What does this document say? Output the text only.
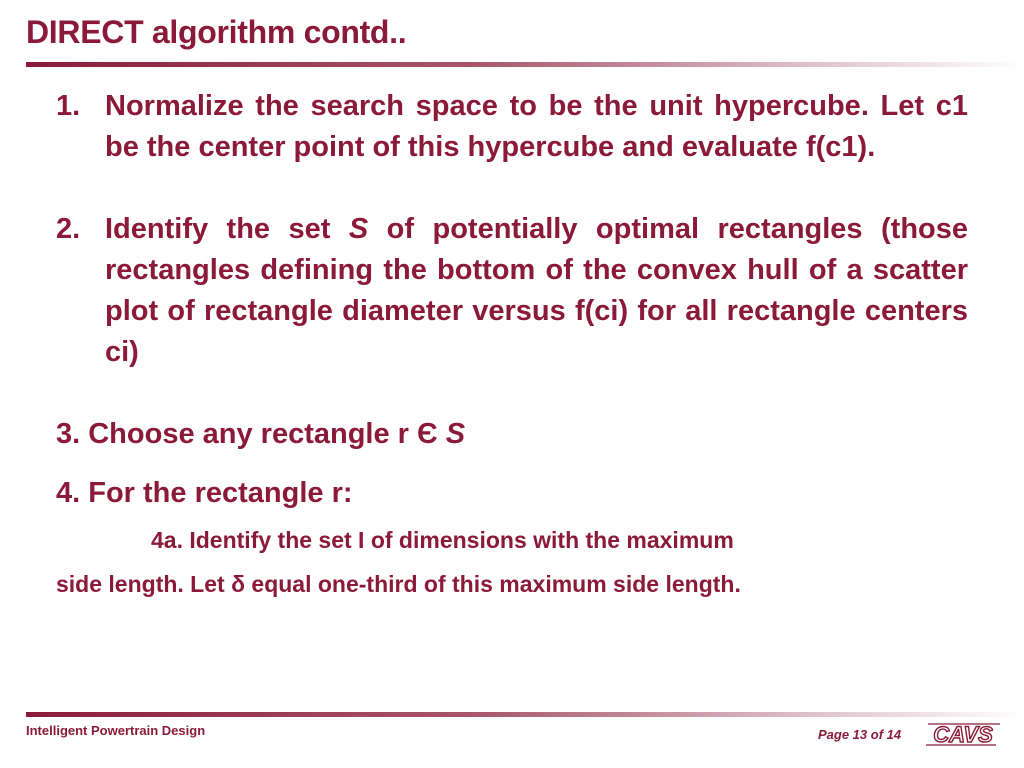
DIRECT algorithm contd..

1. Normalize the search space to be the unit hypercube. Let c1 be the center point of this hypercube and evaluate f(c1).

2. Identify the set S of potentially optimal rectangles (those rectangles defining the bottom of the convex hull of a scatter plot of rectangle diameter versus f(ci) for all rectangle centers ci)

3. Choose any rectangle r Є S

4. For the rectangle r:

4a. Identify the set I of dimensions with the maximum

side length. Let δ equal one-third of this maximum side length.

Intelligent Powertrain Design	Page 13 of 14 CAVS
